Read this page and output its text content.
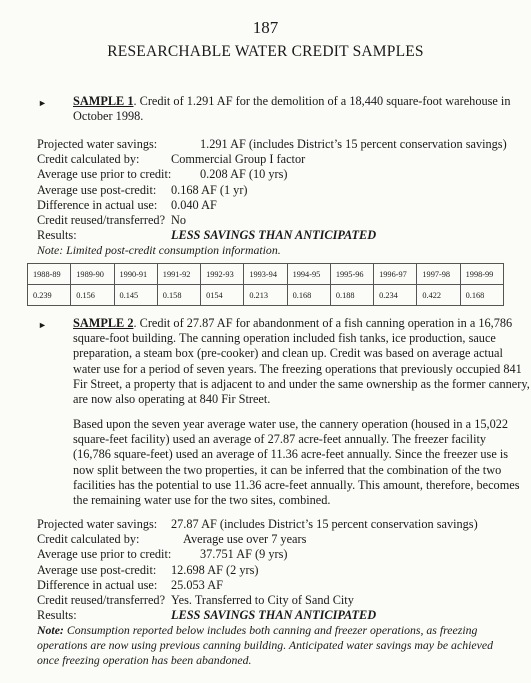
187
RESEARCHABLE WATER CREDIT SAMPLES
► SAMPLE 1. Credit of 1.291 AF for the demolition of a 18,440 square-foot warehouse in
October 1998.
Projected water savings:	1.291 AF (includes District’s 15 percent conservation savings)
Credit calculated by:	Commercial Group I factor
Average use prior to credit:	0.208 AF (10 yrs)
Average use post-credit:	0.168 AF (1 yr)
Difference in actual use:	0.040 AF
Credit reused/transferred? No
Results:	LESS SAVINGS THAN ANTICIPATED
Note: Limited post-credit consumption information.
1988-89	1989-90	1990-91	1991-92	1992-93	1993-94	1994-95	1995-96	1996-97	1997-98	1998-99
0.239	0.156	0.145	0.158	0154	0.213	0.168	0.188	0.234	0.422	0.168
► SAMPLE 2. Credit of 27.87 AF for abandonment of a fish canning operation in a 16,786
square-foot building. The canning operation included fish tanks, ice production, sauce
preparation, a steam box (pre-cooker) and clean up. Credit was based on average actual
water use for a period of seven years. The freezing operations that previously occupied 841
Fir Street, a property that is adjacent to and under the same ownership as the former cannery,
are now also operating at 840 Fir Street.
Based upon the seven year average water use, the cannery operation (housed in a 15,022
square-feet facility) used an average of 27.87 acre-feet annually. The freezer facility
(16,786 square-feet) used an average of 11.36 acre-feet annually. Since the freezer use is
now split between the two properties, it can be inferred that the combination of the two
facilities has the potential to use 11.36 acre-feet annually. This amount, therefore, becomes
the remaining water use for the two sites, combined.
Projected water savings:	27.87 AF (includes District’s 15 percent conservation savings)
Credit calculated by:	Average use over 7 years
Average use prior to credit:	37.751 AF (9 yrs)
Average use post-credit:	12.698 AF (2 yrs)
Difference in actual use:	25.053 AF
Credit reused/transferred? Yes. Transferred to City of Sand City
Results:	LESS SAVINGS THAN ANTICIPATED
Note: Consumption reported below includes both canning and freezer operations, as freezing
operations are now using previous canning building. Anticipated water savings may be achieved
once freezing operation has been abandoned.
